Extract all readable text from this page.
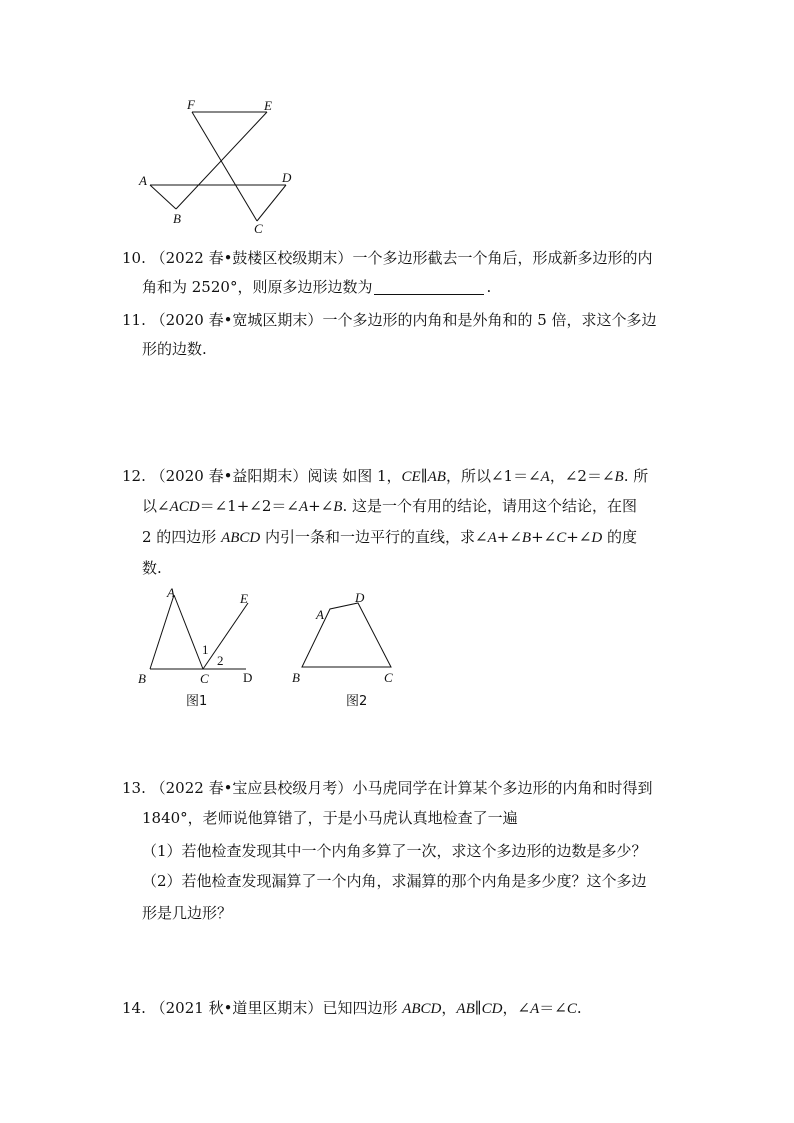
F	E
A	D
B
C
10. （2022 春•鼓楼区校级期末）一个多边形截去一个角后，形成新多边形的内
角和为 2520°，则原多边形边数为	.
11. （2020 春•宽城区期末）一个多边形的内角和是外角和的 5 倍，求这个多边
形的边数.
12. （2020 春•益阳期末）阅读 如图 1，CE∥AB，所以∠1＝∠A，∠2＝∠B. 所
以∠ACD＝∠1+∠2＝∠A+∠B. 这是一个有用的结论，请用这个结论，在图
2 的四边形 ABCD 内引一条和一边平行的直线，求∠A+∠B+∠C+∠D 的度
数.
A	E
B	C	D
1
2
图1
A
D
B	C
图2
13. （2022 春•宝应县校级月考）小马虎同学在计算某个多边形的内角和时得到
1840°，老师说他算错了，于是小马虎认真地检查了一遍
（1）若他检查发现其中一个内角多算了一次，求这个多边形的边数是多少？
（2）若他检查发现漏算了一个内角，求漏算的那个内角是多少度？这个多边
形是几边形？
14. （2021 秋•道里区期末）已知四边形 ABCD，AB∥CD，∠A＝∠C.
